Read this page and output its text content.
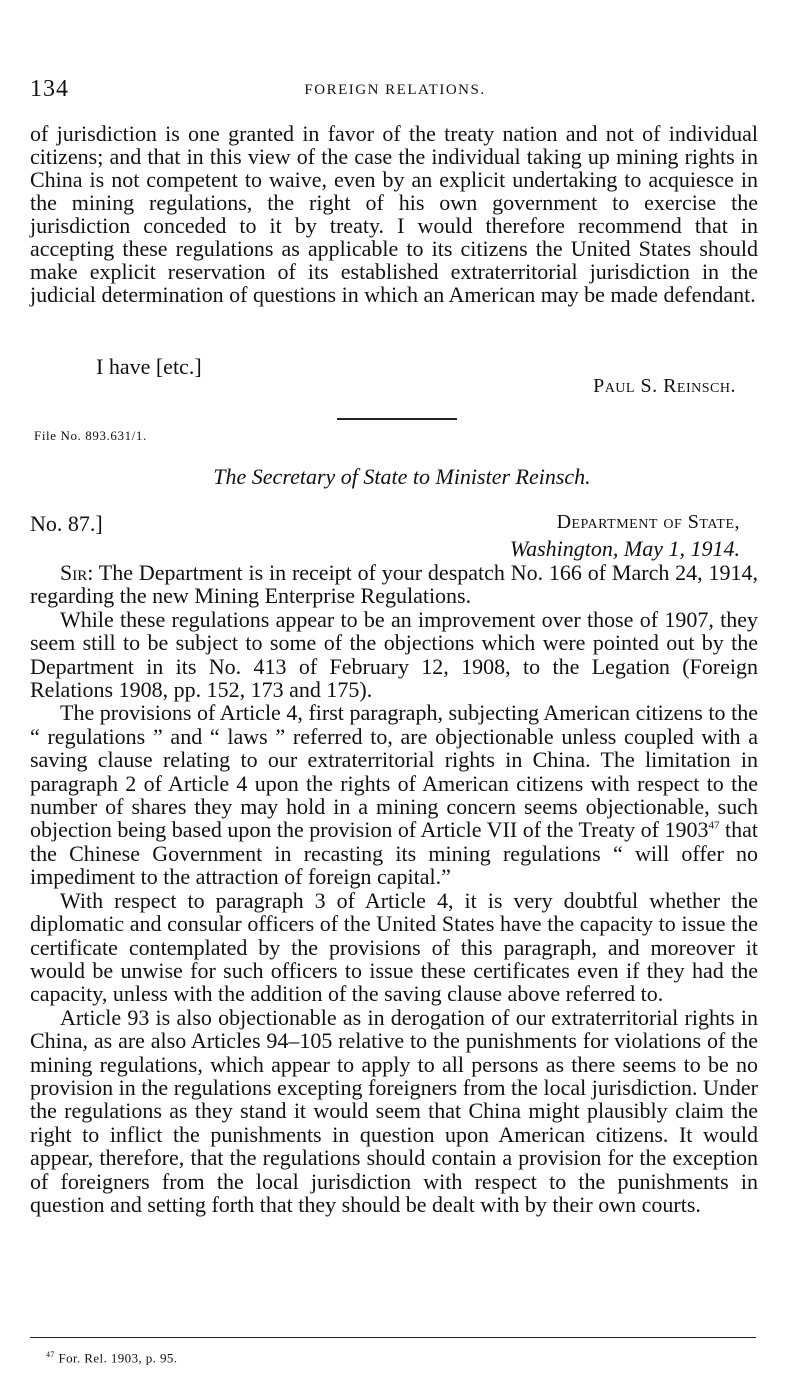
134	FOREIGN RELATIONS.

of jurisdiction is one granted in favor of the treaty nation and not of individual citizens; and that in this view of the case the individual taking up mining rights in China is not competent to waive, even by an explicit undertaking to acquiesce in the mining regulations, the right of his own government to exercise the jurisdiction conceded to it by treaty. I would therefore recommend that in accepting these regulations as applicable to its citizens the United States should make explicit reservation of its established extraterritorial jurisdiction in the judicial determination of questions in which an American may be made defendant.

I have [etc.]
Paul S. Reinsch.
File No. 893.631/1.
The Secretary of State to Minister Reinsch.
No. 87.]	Department of State,
Washington, May 1, 1914.

Sir: The Department is in receipt of your despatch No. 166 of March 24, 1914, regarding the new Mining Enterprise Regulations.

While these regulations appear to be an improvement over those of 1907, they seem still to be subject to some of the objections which were pointed out by the Department in its No. 413 of February 12, 1908, to the Legation (Foreign Relations 1908, pp. 152, 173 and 175).

The provisions of Article 4, first paragraph, subjecting American citizens to the “ regulations ” and “ laws ” referred to, are objectionable unless coupled with a saving clause relating to our extraterritorial rights in China. The limitation in paragraph 2 of Article 4 upon the rights of American citizens with respect to the number of shares they may hold in a mining concern seems objectionable, such objection being based upon the provision of Article VII of the Treaty of 1903$^{47}$ that the Chinese Government in recasting its mining regulations “ will offer no impediment to the attraction of foreign capital.”

With respect to paragraph 3 of Article 4, it is very doubtful whether the diplomatic and consular officers of the United States have the capacity to issue the certificate contemplated by the provisions of this paragraph, and moreover it would be unwise for such officers to issue these certificates even if they had the capacity, unless with the addition of the saving clause above referred to.

Article 93 is also objectionable as in derogation of our extraterritorial rights in China, as are also Articles 94–105 relative to the punishments for violations of the mining regulations, which appear to apply to all persons as there seems to be no provision in the regulations excepting foreigners from the local jurisdiction. Under the regulations as they stand it would seem that China might plausibly claim the right to inflict the punishments in question upon American citizens. It would appear, therefore, that the regulations should contain a provision for the exception of foreigners from the local jurisdiction with respect to the punishments in question and setting forth that they should be dealt with by their own courts.

$^{47}$ For. Rel. 1903, p. 95.
